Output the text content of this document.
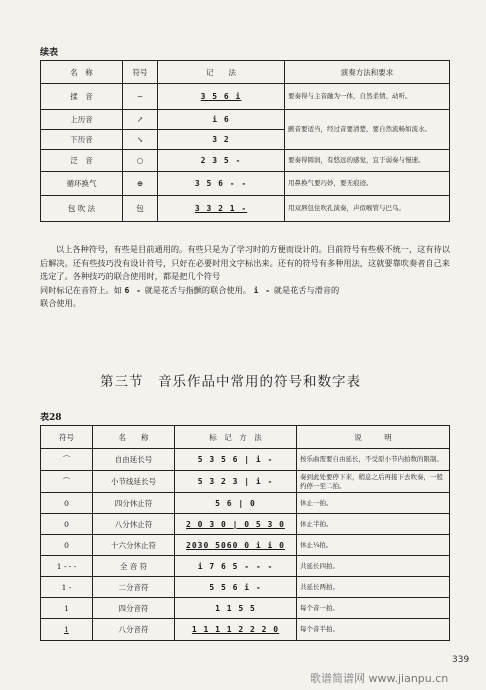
续表
名　称	符号	记　　法	演奏方法和要求
揉　音	∽	3 5 6 i	要奏得与主音融为一体，自然柔情、动听。
上历音	↗	i 6	颤音要适当，经过音要清楚，要自然流畅如流水。
下历音	↘	3 2	
泛　音	○	2 3 5 -	要奏得圆润，有悠远的感觉，宜于弱奏与慢速。
循环换气	⊕	3 5 6 - -	用鼻换气要巧妙，要无痕迹。
包 吹 法	包	3 3 2 1 -	用双唇包住吹孔演奏，声似喉管与巴乌。
以上各种符号，有些是目前通用的。有些只是为了学习时的方便而设计的。目前符号有些极不统一，这有待以后解决。还有些技巧没有设计符号，只好在必要时用文字标出来。还有的符号有多种用法，这就要靠吹奏者自己来选定了。各种技巧的联合使用时，都是把几个符号
同时标记在音符上。如 6 - 就是花舌与指颤的联合使用。 i - 就是花舌与滑音的
联合使用。
第三节　音乐作品中常用的符号和数字表
表28
符号	名　　称	标　记　方　法	说　　　明
⌒	自由延长号	5 3 5 6 | i -	按乐曲需要自由延长，不受原小节内拍数的限制。
⌒	小节线延长号	5 3 2 3 | i -	奏到此处要停下来，稍息之后再接下去吹奏，一般约停一至二拍。
0	四分休止符	5 6 | 0	休止一拍。
0	八分休止符	2 0 3 0 | 0 5 3 0	休止半拍。
0	十六分休止符	2030 5060 0 i i 0	休止¼拍。
1 - - -	全 音 符	i 7 6 5 - - -	共延长四拍。
1 -	二分音符	5 5 6 i -	共延长两拍。
1	四分音符	1 1 5 5	每个音一拍。
1	八分音符	1 1 1 1 2 2 2 0	每个音半拍。
歌谱简谱网 www.jianpu.cn
339
